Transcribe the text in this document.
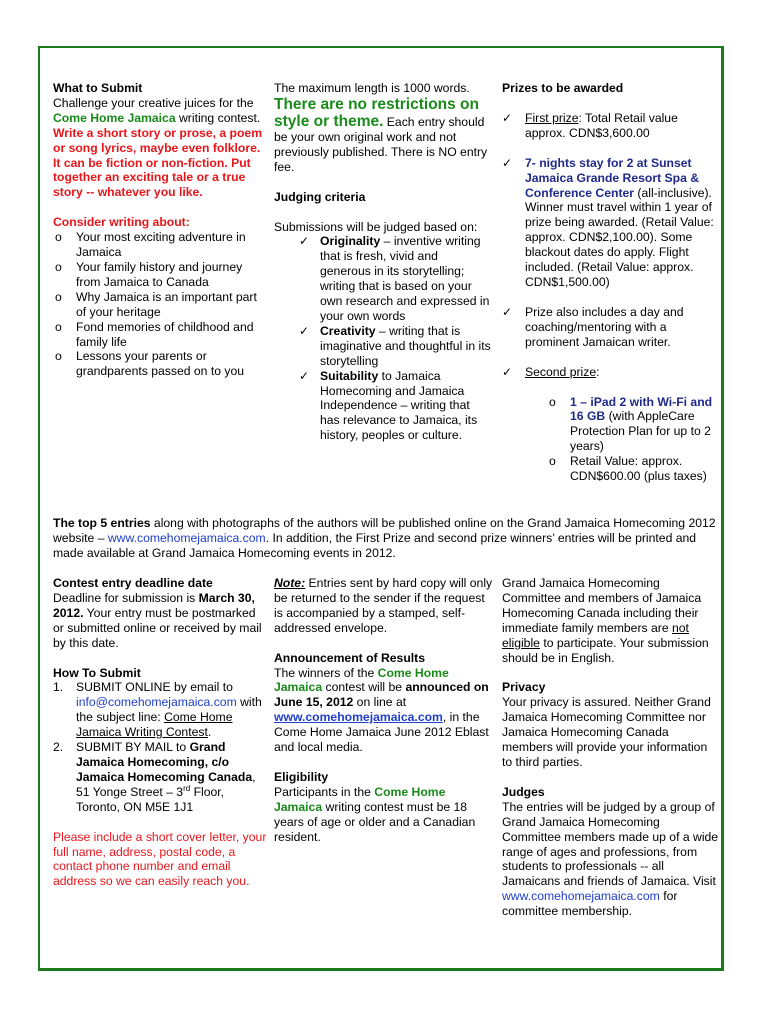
What to Submit

Challenge your creative juices for the Come Home Jamaica writing contest. Write a short story or prose, a poem or song lyrics, maybe even folklore. It can be fiction or non-fiction. Put together an exciting tale or a true story -- whatever you like.

Consider writing about:

o Your most exciting adventure in Jamaica
o Your family history and journey from Jamaica to Canada
o Why Jamaica is an important part of your heritage
o Fond memories of childhood and family life
o Lessons your parents or grandparents passed on to you

The maximum length is 1000 words.

There are no restrictions on style or theme. Each entry should be your own original work and not previously published. There is NO entry fee.

Judging criteria

Submissions will be judged based on:

✓ Originality – inventive writing that is fresh, vivid and generous in its storytelling; writing that is based on your own research and expressed in your own words
✓ Creativity – writing that is imaginative and thoughtful in its storytelling
✓ Suitability to Jamaica Homecoming and Jamaica Independence – writing that has relevance to Jamaica, its history, peoples or culture.

Prizes to be awarded

✓ First prize: Total Retail value approx. CDN$3,600.00
✓ 7- nights stay for 2 at Sunset Jamaica Grande Resort Spa & Conference Center (all-inclusive). Winner must travel within 1 year of prize being awarded. (Retail Value: approx. CDN$2,100.00). Some blackout dates do apply. Flight included. (Retail Value: approx. CDN$1,500.00)
✓ Prize also includes a day and coaching/mentoring with a prominent Jamaican writer.
✓ Second prize:
o 1 – iPad 2 with Wi-Fi and 16 GB (with AppleCare Protection Plan for up to 2 years)
o Retail Value: approx. CDN$600.00 (plus taxes)

The top 5 entries along with photographs of the authors will be published online on the Grand Jamaica Homecoming 2012 website – www.comehomejamaica.com. In addition, the First Prize and second prize winners’ entries will be printed and made available at Grand Jamaica Homecoming events in 2012.

Contest entry deadline date

Deadline for submission is March 30, 2012. Your entry must be postmarked or submitted online or received by mail by this date.

How To Submit

1. SUBMIT ONLINE by email to info@comehomejamaica.com with the subject line: Come Home Jamaica Writing Contest.
2. SUBMIT BY MAIL to Grand Jamaica Homecoming, c/o Jamaica Homecoming Canada, 51 Yonge Street – 3rd Floor, Toronto, ON M5E 1J1

Please include a short cover letter, your full name, address, postal code, a contact phone number and email address so we can easily reach you.

Note: Entries sent by hard copy will only be returned to the sender if the request is accompanied by a stamped, self-addressed envelope.

Announcement of Results

The winners of the Come Home Jamaica contest will be announced on June 15, 2012 on line at www.comehomejamaica.com, in the Come Home Jamaica June 2012 Eblast and local media.

Eligibility

Participants in the Come Home Jamaica writing contest must be 18 years of age or older and a Canadian resident.

Grand Jamaica Homecoming Committee and members of Jamaica Homecoming Canada including their immediate family members are not eligible to participate. Your submission should be in English.

Privacy

Your privacy is assured. Neither Grand Jamaica Homecoming Committee nor Jamaica Homecoming Canada members will provide your information to third parties.

Judges

The entries will be judged by a group of Grand Jamaica Homecoming Committee members made up of a wide range of ages and professions, from students to professionals -- all Jamaicans and friends of Jamaica. Visit www.comehomejamaica.com for committee membership.
